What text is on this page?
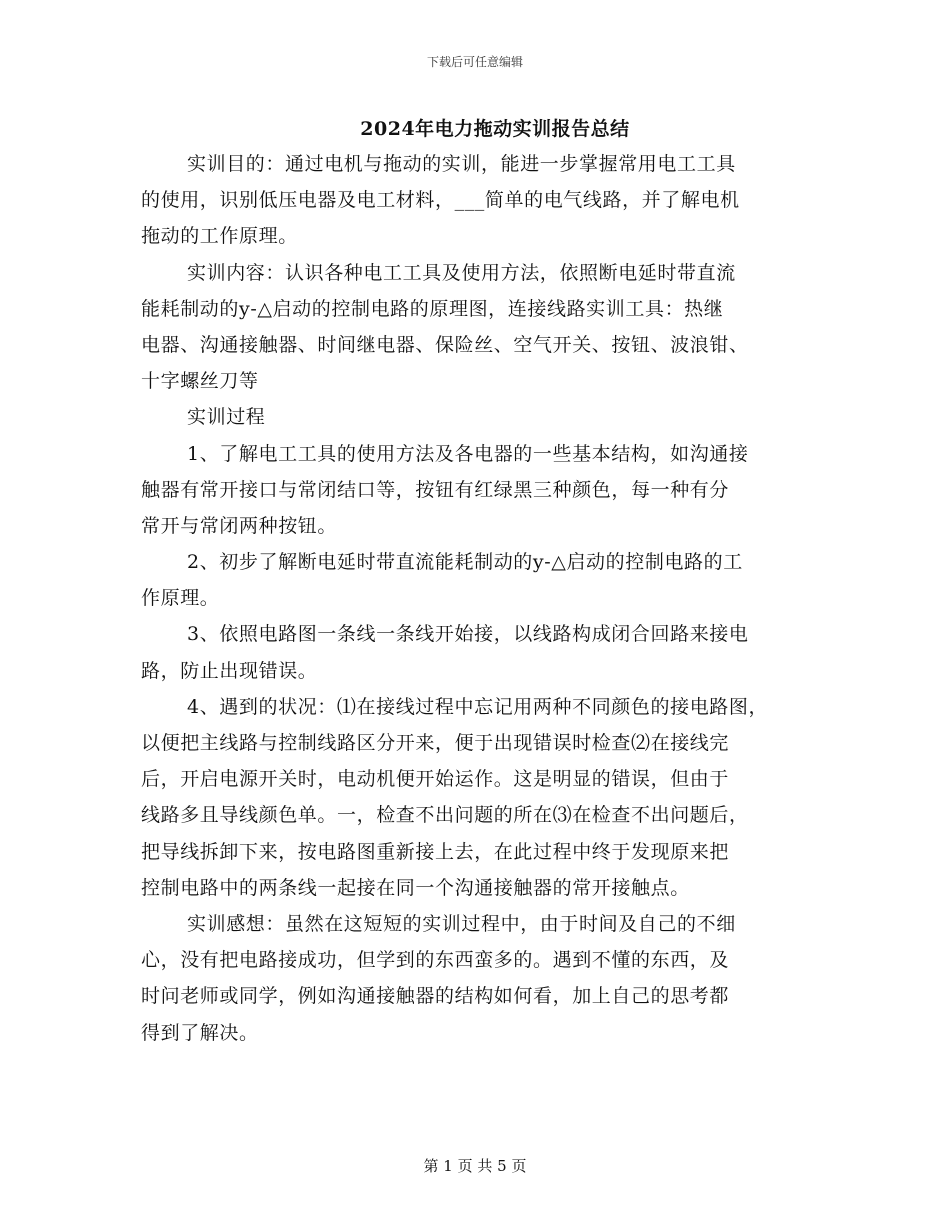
下载后可任意编辑
2024年电力拖动实训报告总结
实训目的：通过电机与拖动的实训，能进一步掌握常用电工工具
的使用，识别低压电器及电工材料，___简单的电气线路，并了解电机
拖动的工作原理。
实训内容：认识各种电工工具及使用方法，依照断电延时带直流
能耗制动的y-△启动的控制电路的原理图，连接线路实训工具：热继
电器、沟通接触器、时间继电器、保险丝、空气开关、按钮、波浪钳、
十字螺丝刀等
实训过程
1、了解电工工具的使用方法及各电器的一些基本结构，如沟通接
触器有常开接口与常闭结口等，按钮有红绿黑三种颜色，每一种有分
常开与常闭两种按钮。
2、初步了解断电延时带直流能耗制动的y-△启动的控制电路的工
作原理。
3、依照电路图一条线一条线开始接，以线路构成闭合回路来接电
路，防止出现错误。
4、遇到的状况：⑴在接线过程中忘记用两种不同颜色的接电路图，
以便把主线路与控制线路区分开来，便于出现错误时检查⑵在接线完
后，开启电源开关时，电动机便开始运作。这是明显的错误，但由于
线路多且导线颜色单。一，检查不出问题的所在⑶在检查不出问题后，
把导线拆卸下来，按电路图重新接上去，在此过程中终于发现原来把
控制电路中的两条线一起接在同一个沟通接触器的常开接触点。
实训感想：虽然在这短短的实训过程中，由于时间及自己的不细
心，没有把电路接成功，但学到的东西蛮多的。遇到不懂的东西，及
时问老师或同学，例如沟通接触器的结构如何看，加上自己的思考都
得到了解决。
第 1 页 共 5 页
